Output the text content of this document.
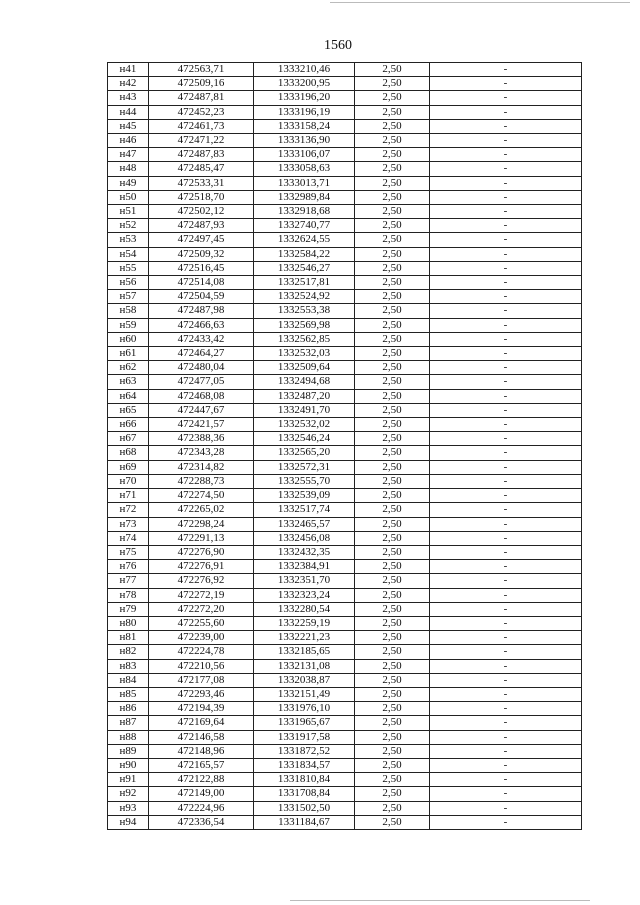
1560
н41	472563,71	1333210,46	2,50	-
н42	472509,16	1333200,95	2,50	-
н43	472487,81	1333196,20	2,50	-
н44	472452,23	1333196,19	2,50	-
н45	472461,73	1333158,24	2,50	-
н46	472471,22	1333136,90	2,50	-
н47	472487,83	1333106,07	2,50	-
н48	472485,47	1333058,63	2,50	-
н49	472533,31	1333013,71	2,50	-
н50	472518,70	1332989,84	2,50	-
н51	472502,12	1332918,68	2,50	-
н52	472487,93	1332740,77	2,50	-
н53	472497,45	1332624,55	2,50	-
н54	472509,32	1332584,22	2,50	-
н55	472516,45	1332546,27	2,50	-
н56	472514,08	1332517,81	2,50	-
н57	472504,59	1332524,92	2,50	-
н58	472487,98	1332553,38	2,50	-
н59	472466,63	1332569,98	2,50	-
н60	472433,42	1332562,85	2,50	-
н61	472464,27	1332532,03	2,50	-
н62	472480,04	1332509,64	2,50	-
н63	472477,05	1332494,68	2,50	-
н64	472468,08	1332487,20	2,50	-
н65	472447,67	1332491,70	2,50	-
н66	472421,57	1332532,02	2,50	-
н67	472388,36	1332546,24	2,50	-
н68	472343,28	1332565,20	2,50	-
н69	472314,82	1332572,31	2,50	-
н70	472288,73	1332555,70	2,50	-
н71	472274,50	1332539,09	2,50	-
н72	472265,02	1332517,74	2,50	-
н73	472298,24	1332465,57	2,50	-
н74	472291,13	1332456,08	2,50	-
н75	472276,90	1332432,35	2,50	-
н76	472276,91	1332384,91	2,50	-
н77	472276,92	1332351,70	2,50	-
н78	472272,19	1332323,24	2,50	-
н79	472272,20	1332280,54	2,50	-
н80	472255,60	1332259,19	2,50	-
н81	472239,00	1332221,23	2,50	-
н82	472224,78	1332185,65	2,50	-
н83	472210,56	1332131,08	2,50	-
н84	472177,08	1332038,87	2,50	-
н85	472293,46	1332151,49	2,50	-
н86	472194,39	1331976,10	2,50	-
н87	472169,64	1331965,67	2,50	-
н88	472146,58	1331917,58	2,50	-
н89	472148,96	1331872,52	2,50	-
н90	472165,57	1331834,57	2,50	-
н91	472122,88	1331810,84	2,50	-
н92	472149,00	1331708,84	2,50	-
н93	472224,96	1331502,50	2,50	-
н94	472336,54	1331184,67	2,50	-
